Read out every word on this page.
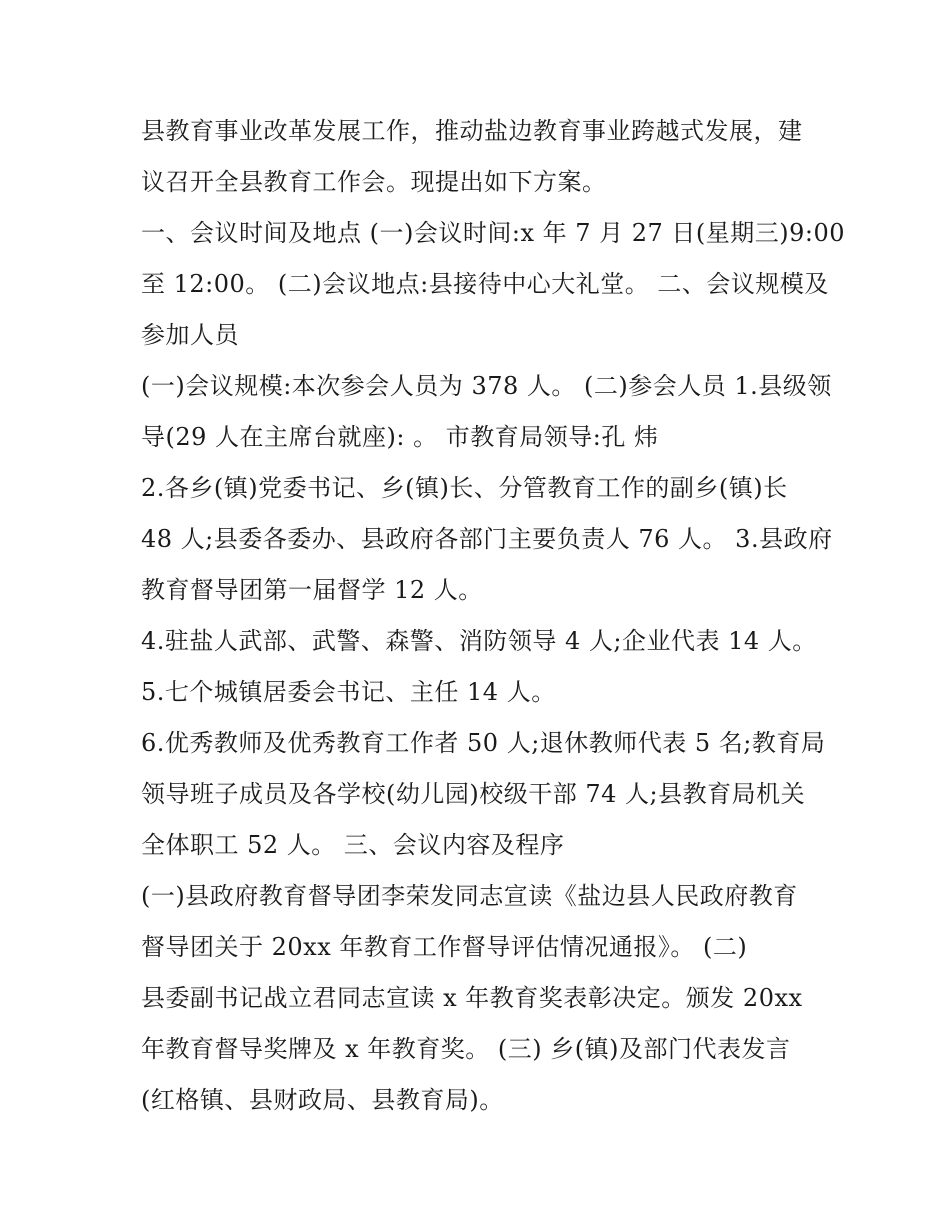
县教育事业改革发展工作，推动盐边教育事业跨越式发展，建
议召开全县教育工作会。现提出如下方案。
一、会议时间及地点 (一)会议时间:x 年 7 月 27 日(星期三)9:00
至 12:00。 (二)会议地点:县接待中心大礼堂。 二、会议规模及
参加人员
(一)会议规模:本次参会人员为 378 人。 (二)参会人员 1.县级领
导(29 人在主席台就座): 。 市教育局领导:孔 炜
2.各乡(镇)党委书记、乡(镇)长、分管教育工作的副乡(镇)长
48 人;县委各委办、县政府各部门主要负责人 76 人。 3.县政府
教育督导团第一届督学 12 人。
4.驻盐人武部、武警、森警、消防领导 4 人;企业代表 14 人。
5.七个城镇居委会书记、主任 14 人。
6.优秀教师及优秀教育工作者 50 人;退休教师代表 5 名;教育局
领导班子成员及各学校(幼儿园)校级干部 74 人;县教育局机关
全体职工 52 人。 三、会议内容及程序
(一)县政府教育督导团李荣发同志宣读《盐边县人民政府教育
督导团关于 20xx 年教育工作督导评估情况通报》。 (二)
县委副书记战立君同志宣读 x 年教育奖表彰决定。颁发 20xx
年教育督导奖牌及 x 年教育奖。 (三) 乡(镇)及部门代表发言
(红格镇、县财政局、县教育局)。
